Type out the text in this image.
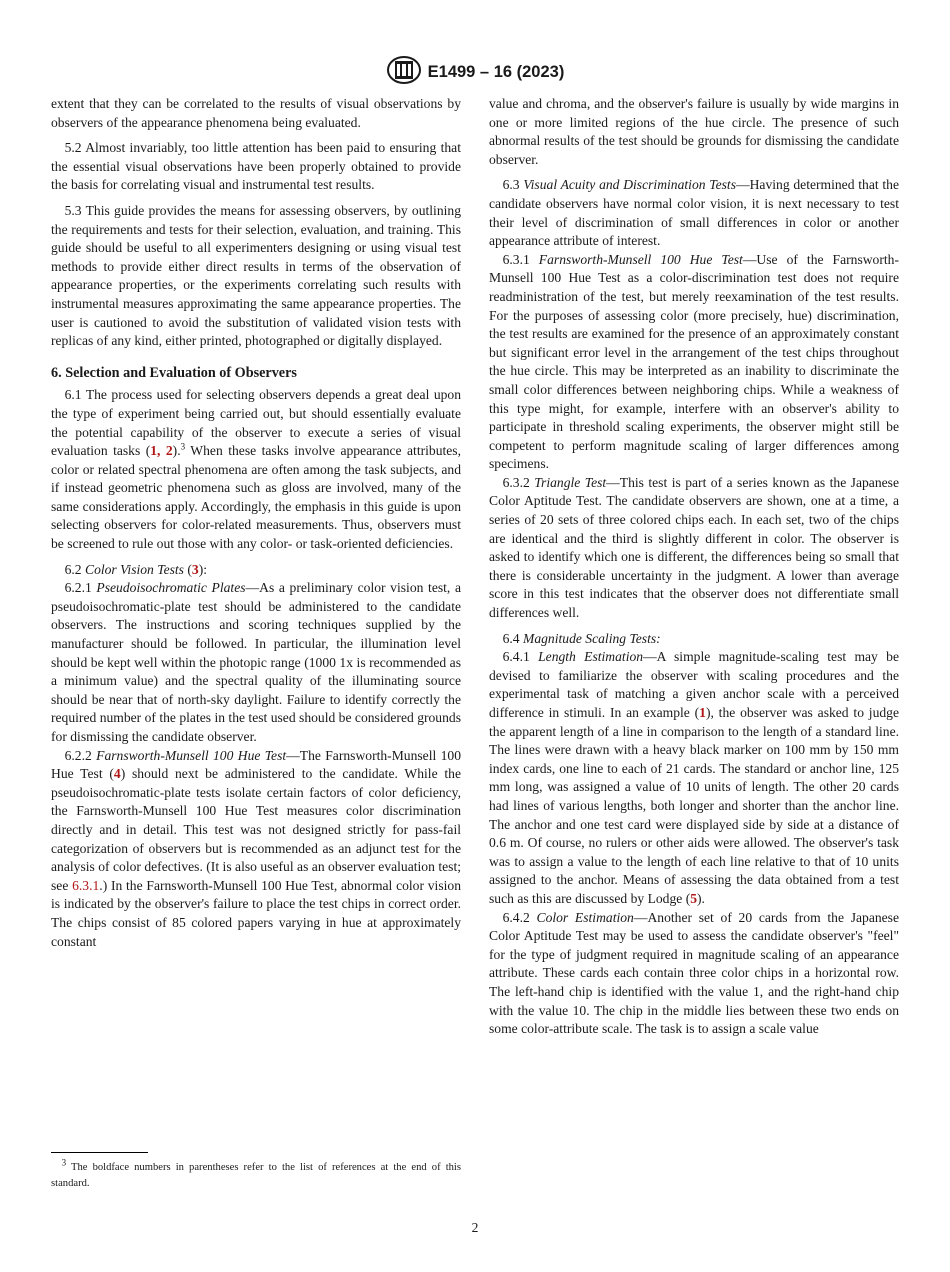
E1499 – 16 (2023)

extent that they can be correlated to the results of visual observations by observers of the appearance phenomena being evaluated.

 5.2 Almost invariably, too little attention has been paid to ensuring that the essential visual observations have been properly obtained to provide the basis for correlating visual and instrumental test results.

 5.3 This guide provides the means for assessing observers, by outlining the requirements and tests for their selection, evaluation, and training. This guide should be useful to all experimenters designing or using visual test methods to provide either direct results in terms of the observation of appearance properties, or the experiments correlating such results with instrumental measures approximating the same appearance properties. The user is cautioned to avoid the substitution of validated vision tests with replicas of any kind, either printed, photographed or digitally displayed.

6. Selection and Evaluation of Observers

 6.1 The process used for selecting observers depends a great deal upon the type of experiment being carried out, but should essentially evaluate the potential capability of the observer to execute a series of visual evaluation tasks (1, 2).$^3$ When these tasks involve appearance attributes, color or related spectral phenomena are often among the task subjects, and if instead geometric phenomena such as gloss are involved, many of the same considerations apply. Accordingly, the emphasis in this guide is upon selecting observers for color-related measurements. Thus, observers must be screened to rule out those with any color- or task-oriented deficiencies.

 6.2 Color Vision Tests (3):

 6.2.1 Pseudoisochromatic Plates—As a preliminary color vision test, a pseudoisochromatic-plate test should be administered to the candidate observers. The instructions and scoring techniques supplied by the manufacturer should be followed. In particular, the illumination level should be kept well within the photopic range (1000 1x is recommended as a minimum value) and the spectral quality of the illuminating source should be near that of north-sky daylight. Failure to identify correctly the required number of the plates in the test used should be considered grounds for dismissing the candidate observer.

 6.2.2 Farnsworth-Munsell 100 Hue Test—The Farnsworth-Munsell 100 Hue Test (4) should next be administered to the candidate. While the pseudoisochromatic-plate tests isolate certain factors of color deficiency, the Farnsworth-Munsell 100 Hue Test measures color discrimination directly and in detail. This test was not designed strictly for pass-fail categorization of observers but is recommended as an adjunct test for the analysis of color defectives. (It is also useful as an observer evaluation test; see 6.3.1.) In the Farnsworth-Munsell 100 Hue Test, abnormal color vision is indicated by the observer's failure to place the test chips in correct order. The chips consist of 85 colored papers varying in hue at approximately constant

 $^3$ The boldface numbers in parentheses refer to the list of references at the end of this standard.

value and chroma, and the observer's failure is usually by wide margins in one or more limited regions of the hue circle. The presence of such abnormal results of the test should be grounds for dismissing the candidate observer.

 6.3 Visual Acuity and Discrimination Tests—Having determined that the candidate observers have normal color vision, it is next necessary to test their level of discrimination of small differences in color or another appearance attribute of interest.

 6.3.1 Farnsworth-Munsell 100 Hue Test—Use of the Farnsworth-Munsell 100 Hue Test as a color-discrimination test does not require readministration of the test, but merely reexamination of the test results. For the purposes of assessing color (more precisely, hue) discrimination, the test results are examined for the presence of an approximately constant but significant error level in the arrangement of the test chips throughout the hue circle. This may be interpreted as an inability to discriminate the small color differences between neighboring chips. While a weakness of this type might, for example, interfere with an observer's ability to participate in threshold scaling experiments, the observer might still be competent to perform magnitude scaling of larger differences among specimens.

 6.3.2 Triangle Test—This test is part of a series known as the Japanese Color Aptitude Test. The candidate observers are shown, one at a time, a series of 20 sets of three colored chips each. In each set, two of the chips are identical and the third is slightly different in color. The observer is asked to identify which one is different, the differences being so small that there is considerable uncertainty in the judgment. A lower than average score in this test indicates that the observer does not differentiate small differences well.

 6.4 Magnitude Scaling Tests:

 6.4.1 Length Estimation—A simple magnitude-scaling test may be devised to familiarize the observer with scaling procedures and the experimental task of matching a given anchor scale with a perceived difference in stimuli. In an example (1), the observer was asked to judge the apparent length of a line in comparison to the length of a standard line. The lines were drawn with a heavy black marker on 100 mm by 150 mm index cards, one line to each of 21 cards. The standard or anchor line, 125 mm long, was assigned a value of 10 units of length. The other 20 cards had lines of various lengths, both longer and shorter than the anchor line. The anchor and one test card were displayed side by side at a distance of 0.6 m. Of course, no rulers or other aids were allowed. The observer's task was to assign a value to the length of each line relative to that of 10 units assigned to the anchor. Means of assessing the data obtained from a test such as this are discussed by Lodge (5).

 6.4.2 Color Estimation—Another set of 20 cards from the Japanese Color Aptitude Test may be used to assess the candidate observer's "feel" for the type of judgment required in magnitude scaling of an appearance attribute. These cards each contain three color chips in a horizontal row. The left-hand chip is identified with the value 1, and the right-hand chip with the value 10. The chip in the middle lies between these two ends on some color-attribute scale. The task is to assign a scale value

2
